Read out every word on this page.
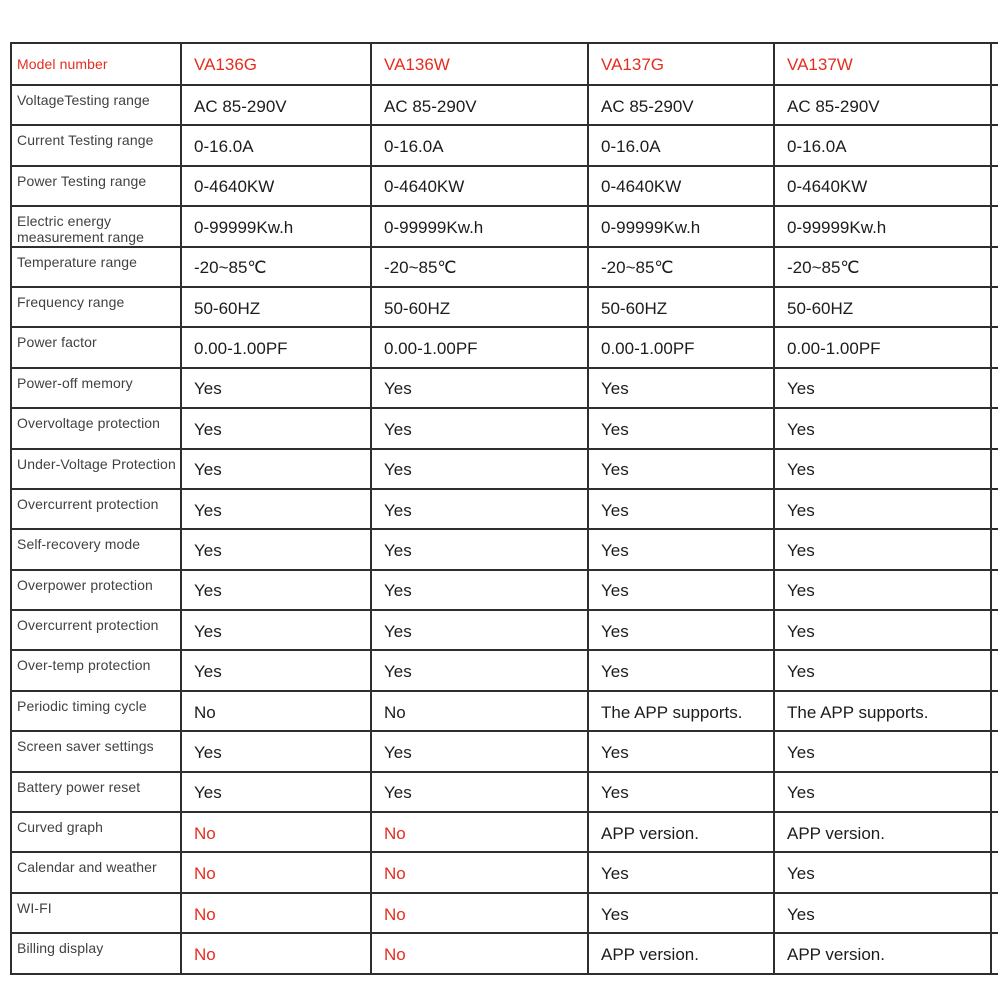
Model number	VA136G	VA136W	VA137G	VA137W	
VoltageTesting range	AC 85-290V	AC 85-290V	AC 85-290V	AC 85-290V	
Current Testing range	0-16.0A	0-16.0A	0-16.0A	0-16.0A	
Power Testing range	0-4640KW	0-4640KW	0-4640KW	0-4640KW	
Electric energy measurement range	0-99999Kw.h	0-99999Kw.h	0-99999Kw.h	0-99999Kw.h	
Temperature range	-20~85℃	-20~85℃	-20~85℃	-20~85℃	
Frequency range	50-60HZ	50-60HZ	50-60HZ	50-60HZ	
Power factor	0.00-1.00PF	0.00-1.00PF	0.00-1.00PF	0.00-1.00PF	
Power-off memory	Yes	Yes	Yes	Yes	
Overvoltage protection	Yes	Yes	Yes	Yes	
Under-Voltage Protection	Yes	Yes	Yes	Yes	
Overcurrent protection	Yes	Yes	Yes	Yes	
Self-recovery mode	Yes	Yes	Yes	Yes	
Overpower protection	Yes	Yes	Yes	Yes	
Overcurrent protection	Yes	Yes	Yes	Yes	
Over-temp protection	Yes	Yes	Yes	Yes	
Periodic timing cycle	No	No	The APP supports.	The APP supports.	
Screen saver settings	Yes	Yes	Yes	Yes	
Battery power reset	Yes	Yes	Yes	Yes	
Curved graph	No	No	APP version.	APP version.	
Calendar and weather	No	No	Yes	Yes	
WI-FI	No	No	Yes	Yes	
Billing display	No	No	APP version.	APP version.	
